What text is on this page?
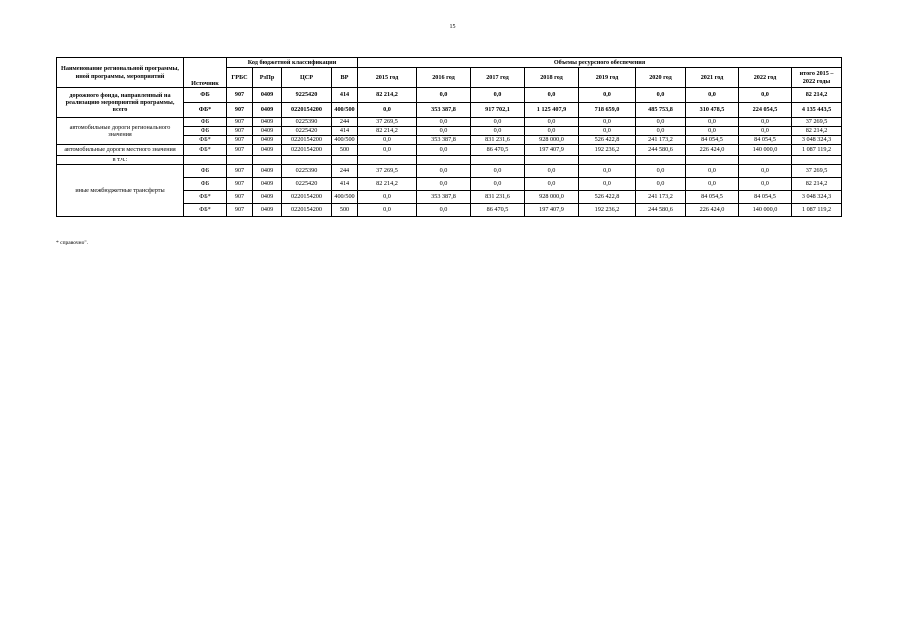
15
Наименование региональной программы, иной программы, мероприятий	Источник	Код бюджетной классификации				Объемы ресурсного обеспечения								
		ГРБС	РзПр	ЦСР	ВР	2015 год	2016 год	2017 год	2018 год	2019 год	2020 год	2021 год	2022 год	итого 2015 – 2022 годы
дорожного фонда, направленный на реализацию мероприятий программы, всего	ФБ	907	0409	9225420	414	82 214,2	0,0	0,0	0,0	0,0	0,0	0,0	0,0	82 214,2
	ФБ*	907	0409	0220154200	400/500	0,0	353 387,8	917 702,1	1 125 407,9	718 659,0	485 753,8	310 478,5	224 054,5	4 135 443,5
автомобильные дороги регионального значения	ФБ	907	0409	0225390	244	37 269,5	0,0	0,0	0,0	0,0	0,0	0,0	0,0	37 269,5
	ФБ	907	0409	0225420	414	82 214,2	0,0	0,0	0,0	0,0	0,0	0,0	0,0	82 214,2
	ФБ*	907	0409	0220154200	400/500	0,0	353 387,8	831 231,6	928 000,0	526 422,8	241 173,2	84 054,5	84 054,5	3 048 324,3
автомобильные дороги местного значения	ФБ*	907	0409	0220154200	500	0,0	0,0	86 470,5	197 407,9	192 236,2	244 580,6	226 424,0	140 000,0	1 087 119,2
в т.ч.:														
иные межбюджетные трансферты	ФБ	907	0409	0225390	244	37 269,5	0,0	0,0	0,0	0,0	0,0	0,0	0,0	37 269,5
	ФБ	907	0409	0225420	414	82 214,2	0,0	0,0	0,0	0,0	0,0	0,0	0,0	82 214,2
	ФБ*	907	0409	0220154200	400/500	0,0	353 387,8	831 231,6	928 000,0	526 422,8	241 173,2	84 054,5	84 054,5	3 048 324,3
	ФБ*	907	0409	0220154200	500	0,0	0,0	86 470,5	197 407,9	192 236,2	244 580,6	226 424,0	140 000,0	1 087 119,2
* справочно".
